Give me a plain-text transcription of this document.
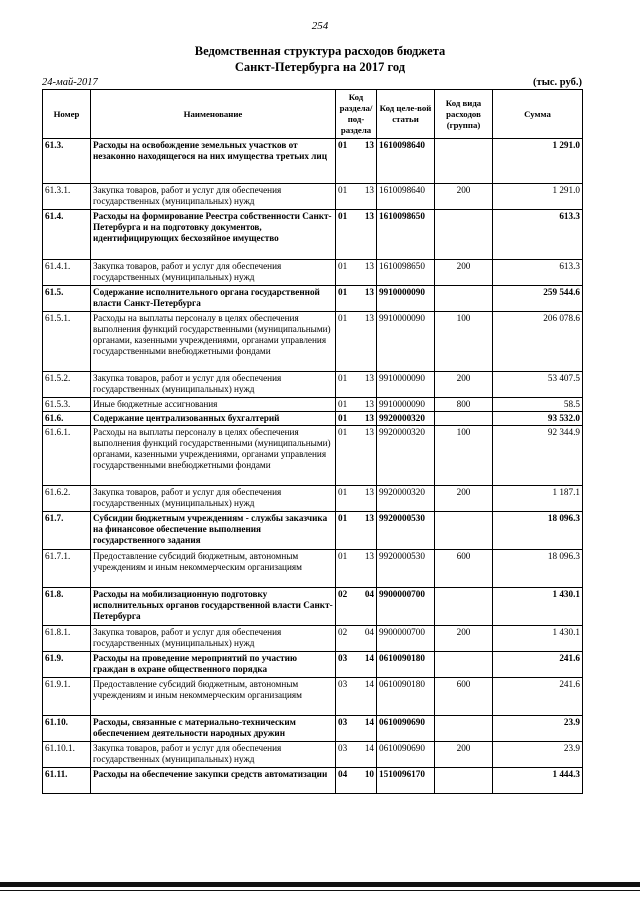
254
Ведомственная структура расходов бюджета
Санкт-Петербурга на 2017 год
24-май-2017	(тыс. руб.)
Номер	Наименование	Код раздела/ под-раздела	Код целе-вой статьи	Код вида расходов (группа)	Сумма
61.3.	Расходы на освобождение земельных участков от незаконно находящегося на них имущества третьих лиц	01 13	1610098640		1 291.0
61.3.1.	Закупка товаров, работ и услуг для обеспечения государственных (муниципальных) нужд	01 13	1610098640	200	1 291.0
61.4.	Расходы на формирование Реестра собственности Санкт-Петербурга и на подготовку документов, идентифицирующих бесхозяйное имущество	01 13	1610098650		613.3
61.4.1.	Закупка товаров, работ и услуг для обеспечения государственных (муниципальных) нужд	01 13	1610098650	200	613.3
61.5.	Содержание исполнительного органа государственной власти Санкт-Петербурга	01 13	9910000090		259 544.6
61.5.1.	Расходы на выплаты персоналу в целях обеспечения выполнения функций государственными (муниципальными) органами, казенными учреждениями, органами управления государственными внебюджетными фондами	01 13	9910000090	100	206 078.6
61.5.2.	Закупка товаров, работ и услуг для обеспечения государственных (муниципальных) нужд	01 13	9910000090	200	53 407.5
61.5.3.	Иные бюджетные ассигнования	01 13	9910000090	800	58.5
61.6.	Содержание централизованных бухгалтерий	01 13	9920000320		93 532.0
61.6.1.	Расходы на выплаты персоналу в целях обеспечения выполнения функций государственными (муниципальными) органами, казенными учреждениями, органами управления государственными внебюджетными фондами	01 13	9920000320	100	92 344.9
61.6.2.	Закупка товаров, работ и услуг для обеспечения государственных (муниципальных) нужд	01 13	9920000320	200	1 187.1
61.7.	Субсидии бюджетным учреждениям - службы заказчика на финансовое обеспечение выполнения государственного задания	01 13	9920000530		18 096.3
61.7.1.	Предоставление субсидий бюджетным, автономным учреждениям и иным некоммерческим организациям	01 13	9920000530	600	18 096.3
61.8.	Расходы на мобилизационную подготовку исполнительных органов государственной власти Санкт-Петербурга	02 04	9900000700		1 430.1
61.8.1.	Закупка товаров, работ и услуг для обеспечения государственных (муниципальных) нужд	02 04	9900000700	200	1 430.1
61.9.	Расходы на проведение мероприятий по участию граждан в охране общественного порядка	03 14	0610090180		241.6
61.9.1.	Предоставление субсидий бюджетным, автономным учреждениям и иным некоммерческим организациям	03 14	0610090180	600	241.6
61.10.	Расходы, связанные с материально-техническим обеспечением деятельности народных дружин	03 14	0610090690		23.9
61.10.1.	Закупка товаров, работ и услуг для обеспечения государственных (муниципальных) нужд	03 14	0610090690	200	23.9
61.11.	Расходы на обеспечение закупки средств автоматизации	04 10	1510096170		1 444.3
